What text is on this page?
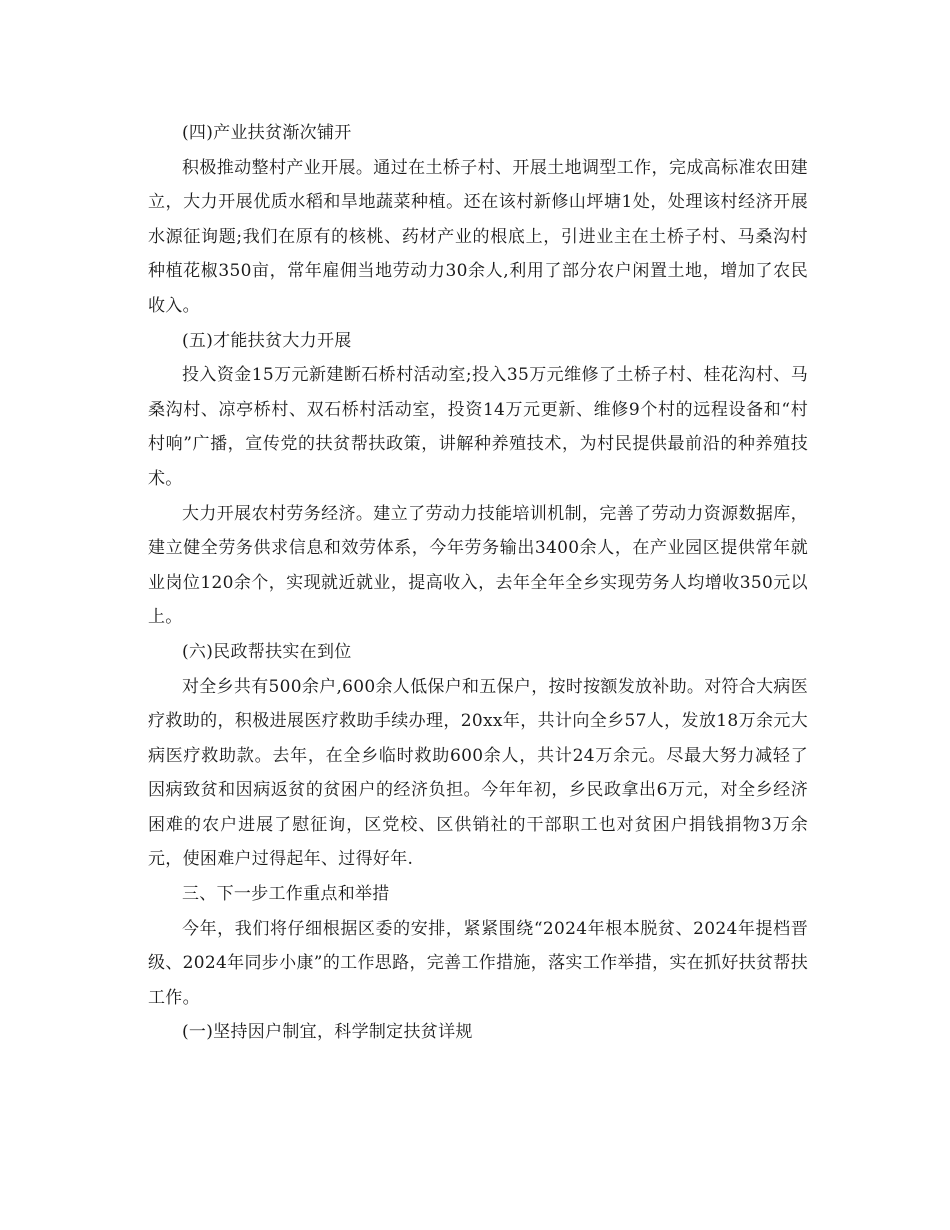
(四)产业扶贫渐次铺开

积极推动整村产业开展。通过在土桥子村、开展土地调型工作，完成高标准农田建立，大力开展优质水稻和旱地蔬菜种植。还在该村新修山坪塘1处，处理该村经济开展水源征询题;我们在原有的核桃、药材产业的根底上，引进业主在土桥子村、马桑沟村种植花椒350亩，常年雇佣当地劳动力30余人,利用了部分农户闲置土地，增加了农民收入。

(五)才能扶贫大力开展

投入资金15万元新建断石桥村活动室;投入35万元维修了土桥子村、桂花沟村、马桑沟村、凉亭桥村、双石桥村活动室，投资14万元更新、维修9个村的远程设备和“村村响”广播，宣传党的扶贫帮扶政策，讲解种养殖技术，为村民提供最前沿的种养殖技术。

大力开展农村劳务经济。建立了劳动力技能培训机制，完善了劳动力资源数据库，建立健全劳务供求信息和效劳体系，今年劳务输出3400余人，在产业园区提供常年就业岗位120余个，实现就近就业，提高收入，去年全年全乡实现劳务人均增收350元以上。

(六)民政帮扶实在到位

对全乡共有500余户,600余人低保户和五保户，按时按额发放补助。对符合大病医疗救助的，积极进展医疗救助手续办理，20xx年，共计向全乡57人，发放18万余元大病医疗救助款。去年，在全乡临时救助600余人，共计24万余元。尽最大努力减轻了因病致贫和因病返贫的贫困户的经济负担。今年年初，乡民政拿出6万元，对全乡经济困难的农户进展了慰征询，区党校、区供销社的干部职工也对贫困户捐钱捐物3万余元，使困难户过得起年、过得好年.

三、下一步工作重点和举措

今年，我们将仔细根据区委的安排，紧紧围绕“2024年根本脱贫、2024年提档晋级、2024年同步小康”的工作思路，完善工作措施，落实工作举措，实在抓好扶贫帮扶工作。

(一)坚持因户制宜，科学制定扶贫详规
